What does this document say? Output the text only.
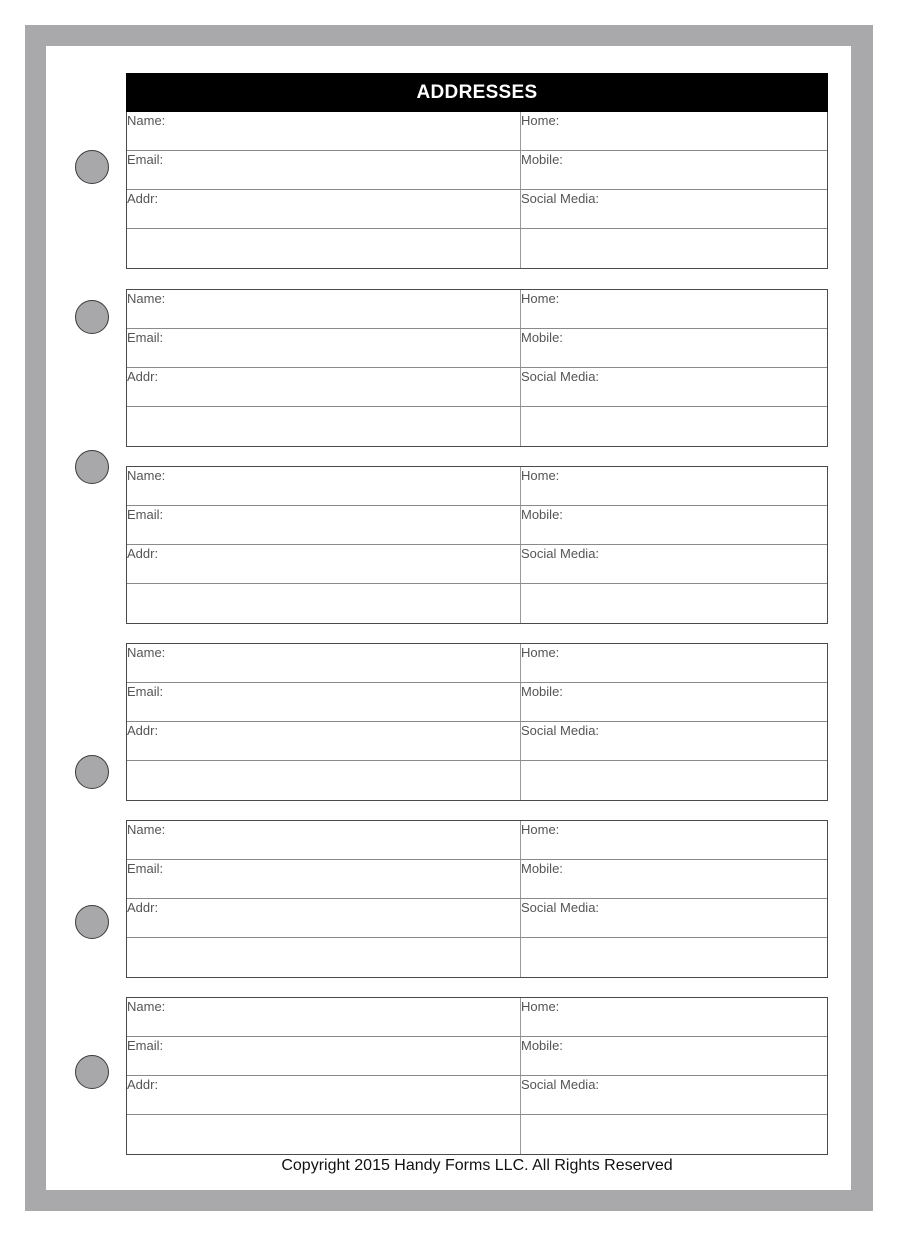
ADDRESSES
Name:	Home:
Email:	Mobile:
Addr:	Social Media:
Name:	Home:
Email:	Mobile:
Addr:	Social Media:
Name:	Home:
Email:	Mobile:
Addr:	Social Media:
Name:	Home:
Email:	Mobile:
Addr:	Social Media:
Name:	Home:
Email:	Mobile:
Addr:	Social Media:
Name:	Home:
Email:	Mobile:
Addr:	Social Media:
Copyright 2015 Handy Forms LLC. All Rights Reserved
